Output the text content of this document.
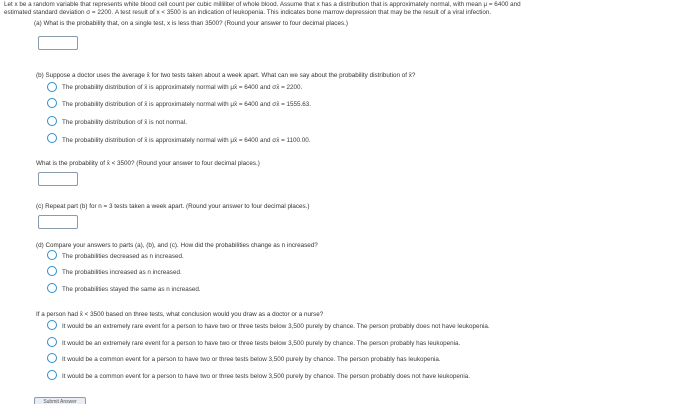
Let x be a random variable that represents white blood cell count per cubic milliliter of whole blood. Assume that x has a distribution that is approximately normal, with mean μ = 6400 and
estimated standard deviation σ = 2200. A test result of x < 3500 is an indication of leukopenia. This indicates bone marrow depression that may be the result of a viral infection.
(a) What is the probability that, on a single test, x is less than 3500? (Round your answer to four decimal places.)
(b) Suppose a doctor uses the average x̄ for two tests taken about a week apart. What can we say about the probability distribution of x̄?
The probability distribution of x̄ is approximately normal with μx̄ = 6400 and σx̄ = 2200.
The probability distribution of x̄ is approximately normal with μx̄ = 6400 and σx̄ = 1555.63.
The probability distribution of x̄ is not normal.
The probability distribution of x̄ is approximately normal with μx̄ = 6400 and σx̄ = 1100.00.
What is the probability of x̄ < 3500? (Round your answer to four decimal places.)
(c) Repeat part (b) for n = 3 tests taken a week apart. (Round your answer to four decimal places.)
(d) Compare your answers to parts (a), (b), and (c). How did the probabilities change as n increased?
The probabilities decreased as n increased.
The probabilities increased as n increased.
The probabilities stayed the same as n increased.
If a person had x̄ < 3500 based on three tests, what conclusion would you draw as a doctor or a nurse?
It would be an extremely rare event for a person to have two or three tests below 3,500 purely by chance. The person probably does not have leukopenia.
It would be an extremely rare event for a person to have two or three tests below 3,500 purely by chance. The person probably has leukopenia.
It would be a common event for a person to have two or three tests below 3,500 purely by chance. The person probably has leukopenia.
It would be a common event for a person to have two or three tests below 3,500 purely by chance. The person probably does not have leukopenia.
Submit Answer
